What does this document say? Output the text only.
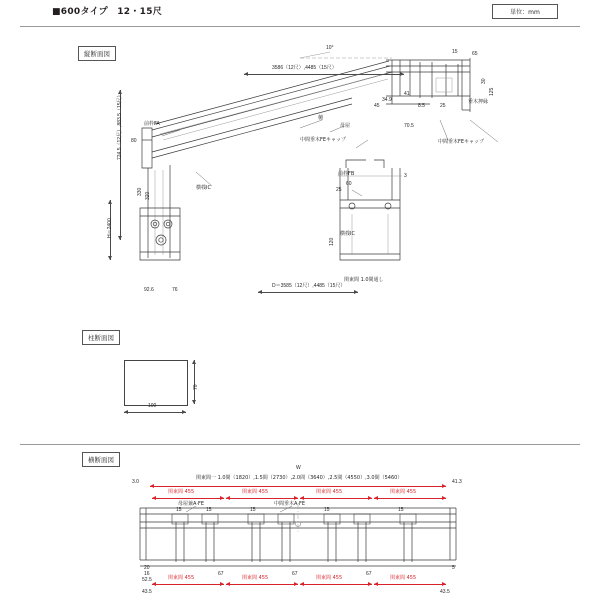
■600タイプ　12・15尺	単位：mm
縦断面図
3586（12尺）,4485（15尺）
10°
724.5（12尺）,883.5（15尺）
H＝2400
80
330 320
92.6	76
前枠FA
前枠FB
樋
母屋
横桟IC
横桟IC
中間垂木FEキャップ	中間垂木FEキャップ
垂木押縁
関東間 1.0間通し
15	65
41
8.5	25
70.5
30
125
34.9
45
3
25
60
120
D＝3585（12尺）,4485（15尺）
柱断面図
100
70
横断面図
W
関東間一 1.0間（1820）,1.5間（2730）,2.0間（3640）,2.5間（4550）,3.0間（5460）
関東間 455	関東間 455	関東間 455	関東間 455
母屋兼A·FE	中間垂木A·FE
3.0	41.3
15	15	15	15
15
20
16
52.5
5
43.5	43.5
67	67	67
関東間 455	関東間 455	関東間 455	関東間 455
